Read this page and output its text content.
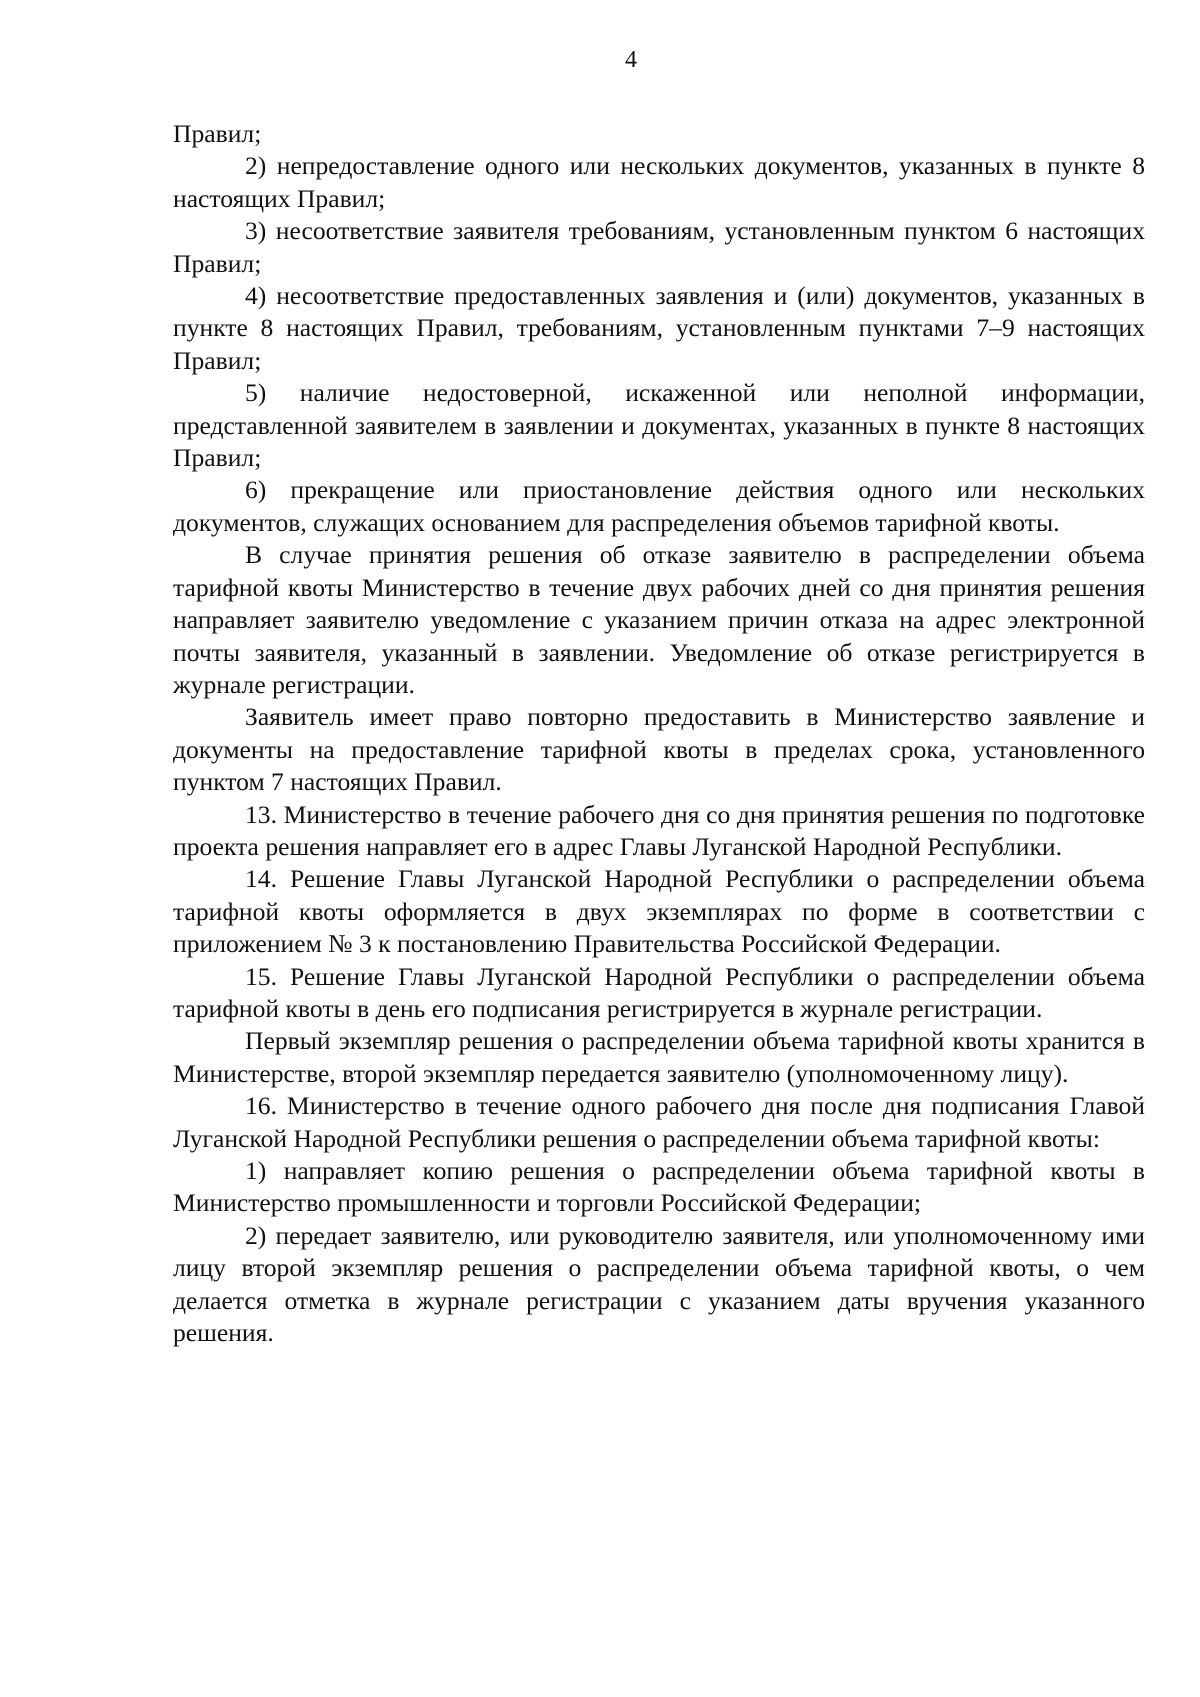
4

Правил;

2) непредоставление одного или нескольких документов, указанных в пункте 8 настоящих Правил;

3) несоответствие заявителя требованиям, установленным пунктом 6 настоящих Правил;

4) несоответствие предоставленных заявления и (или) документов, указанных в пункте 8 настоящих Правил, требованиям, установленным пунктами 7–9 настоящих Правил;

5) наличие недостоверной, искаженной или неполной информации, представленной заявителем в заявлении и документах, указанных в пункте 8 настоящих Правил;

6) прекращение или приостановление действия одного или нескольких документов, служащих основанием для распределения объемов тарифной квоты.

В случае принятия решения об отказе заявителю в распределении объема тарифной квоты Министерство в течение двух рабочих дней со дня принятия решения направляет заявителю уведомление с указанием причин отказа на адрес электронной почты заявителя, указанный в заявлении. Уведомление об отказе регистрируется в журнале регистрации.

Заявитель имеет право повторно предоставить в Министерство заявление и документы на предоставление тарифной квоты в пределах срока, установленного пунктом 7 настоящих Правил.

13. Министерство в течение рабочего дня со дня принятия решения по подготовке проекта решения направляет его в адрес Главы Луганской Народной Республики.

14. Решение Главы Луганской Народной Республики о распределении объема тарифной квоты оформляется в двух экземплярах по форме в соответствии с приложением № 3 к постановлению Правительства Российской Федерации.

15. Решение Главы Луганской Народной Республики о распределении объема тарифной квоты в день его подписания регистрируется в журнале регистрации.

Первый экземпляр решения о распределении объема тарифной квоты хранится в Министерстве, второй экземпляр передается заявителю (уполномоченному лицу).

16. Министерство в течение одного рабочего дня после дня подписания Главой Луганской Народной Республики решения о распределении объема тарифной квоты:

1) направляет копию решения о распределении объема тарифной квоты в Министерство промышленности и торговли Российской Федерации;

2) передает заявителю, или руководителю заявителя, или уполномоченному ими лицу второй экземпляр решения о распределении объема тарифной квоты, о чем делается отметка в журнале регистрации с указанием даты вручения указанного решения.
